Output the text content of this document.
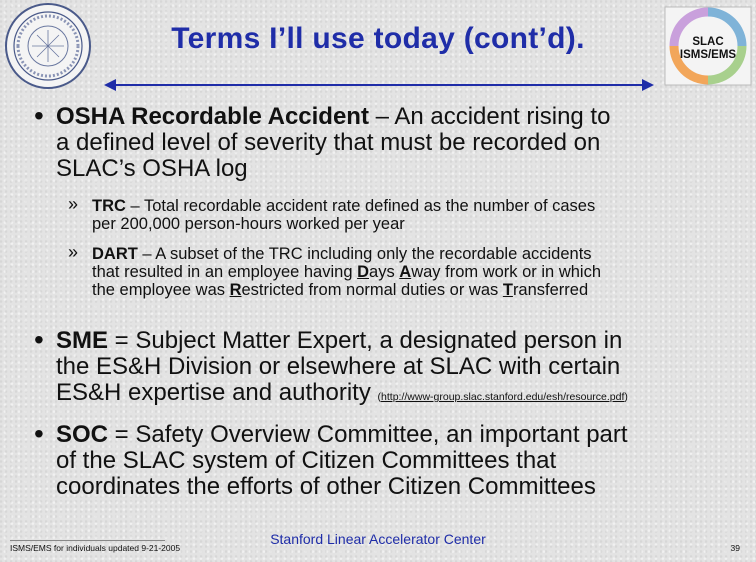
Terms I’ll use today (cont’d).	SLAC
ISMS/EMS
• OSHA Recordable Accident – An accident rising to
a defined level of severity that must be recorded on
SLAC’s OSHA log
» TRC – Total recordable accident rate defined as the number of cases
per 200,000 person-hours worked per year
» DART – A subset of the TRC including only the recordable accidents
that resulted in an employee having Days Away from work or in which
the employee was Restricted from normal duties or was Transferred
• SME = Subject Matter Expert, a designated person in
the ES&H Division or elsewhere at SLAC with certain
ES&H expertise and authority (http://www-group.slac.stanford.edu/esh/resource.pdf)
• SOC = Safety Overview Committee, an important part
of the SLAC system of Citizen Committees that
coordinates the efforts of other Citizen Committees
ISMS/EMS for individuals updated 9-21-2005
Stanford Linear Accelerator Center
39
